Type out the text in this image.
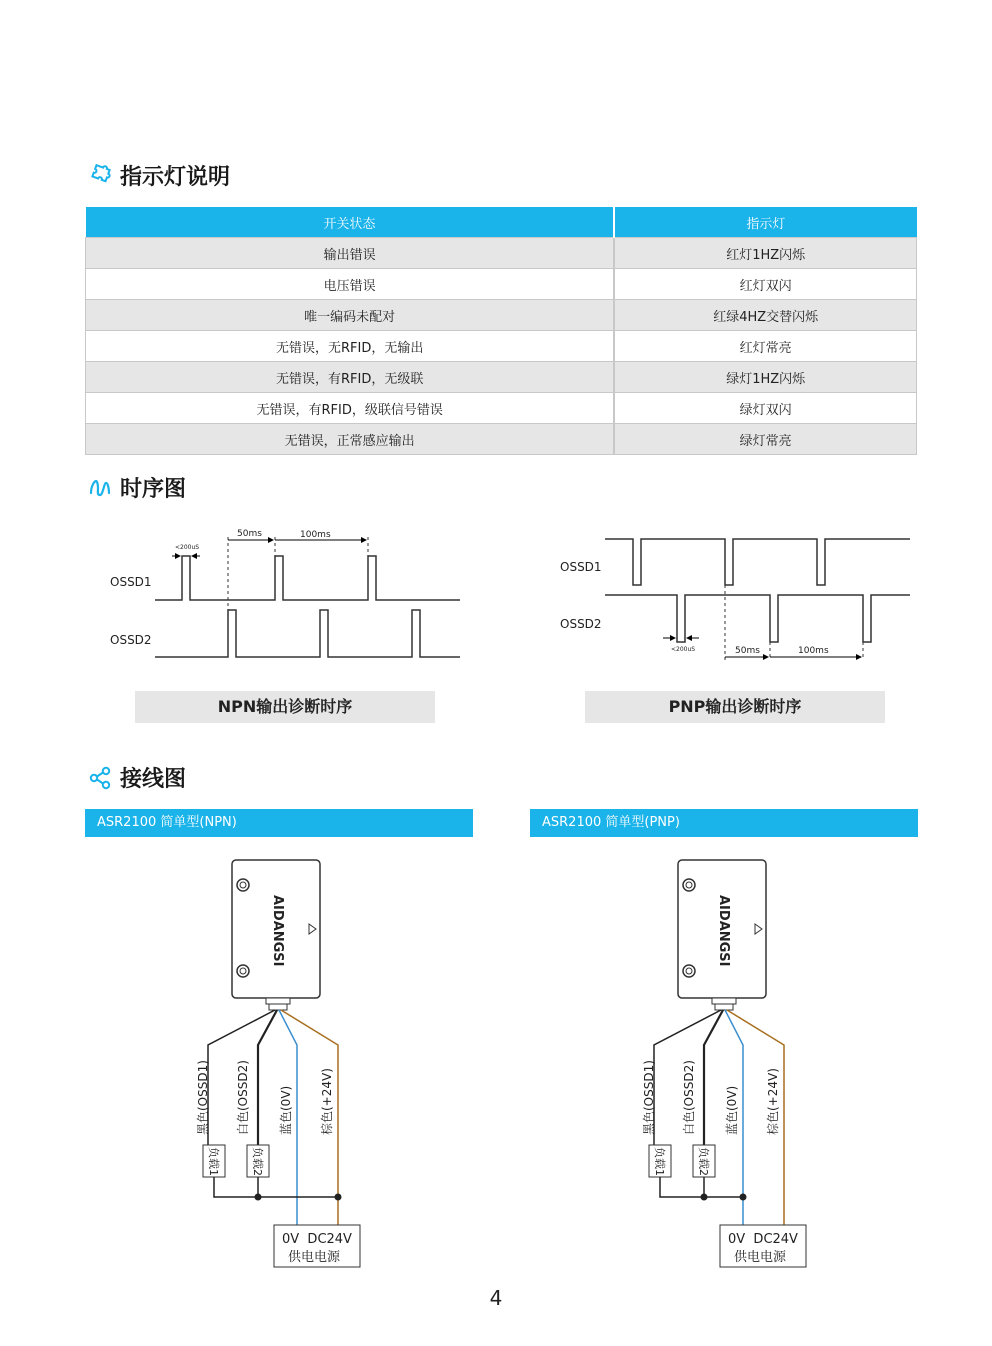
指示灯说明
开关状态	指示灯
输出错误	红灯1HZ闪烁
电压错误	红灯双闪
唯一编码未配对	红绿4HZ交替闪烁
无错误，无RFID，无输出	红灯常亮
无错误，有RFID，无级联	绿灯1HZ闪烁
无错误，有RFID，级联信号错误	绿灯双闪
无错误，正常感应输出	绿灯常亮
时序图
OSSD1
OSSD2
50ms	100ms
<200uS
OSSD1
OSSD2
50ms	100ms
<200uS
NPN输出诊断时序	PNP输出诊断时序
接线图
ASR2100 简单型(NPN)	ASR2100 简单型(PNP)
AIDANGSI
黑色(OSSD1) 白色(OSSD2) 蓝色(0V) 棕色(+24V)
负载1	负载2
0V  DC24V
供电电源
AIDANGSI
黑色(OSSD1) 白色(OSSD2) 蓝色(0V) 棕色(+24V)
负载1	负载2
0V  DC24V
供电电源
4
